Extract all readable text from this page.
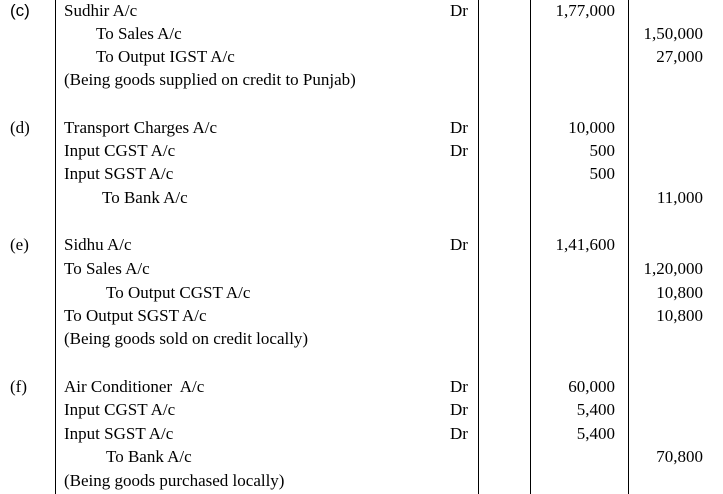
(c) Sudhir A/c	Dr	1,77,000
To Sales A/c	1,50,000
To Output IGST A/c	27,000
(Being goods supplied on credit to Punjab)
(d) Transport Charges A/c	Dr	10,000
Input CGST A/c	Dr	500
Input SGST A/c	500
To Bank A/c	11,000
(e) Sidhu A/c	Dr	1,41,600
To Sales A/c	1,20,000
To Output CGST A/c	10,800
To Output SGST A/c	10,800
(Being goods sold on credit locally)
(f) Air Conditioner  A/c	Dr	60,000
Input CGST A/c	Dr	5,400
Input SGST A/c	Dr	5,400
To Bank A/c	70,800
(Being goods purchased locally)
